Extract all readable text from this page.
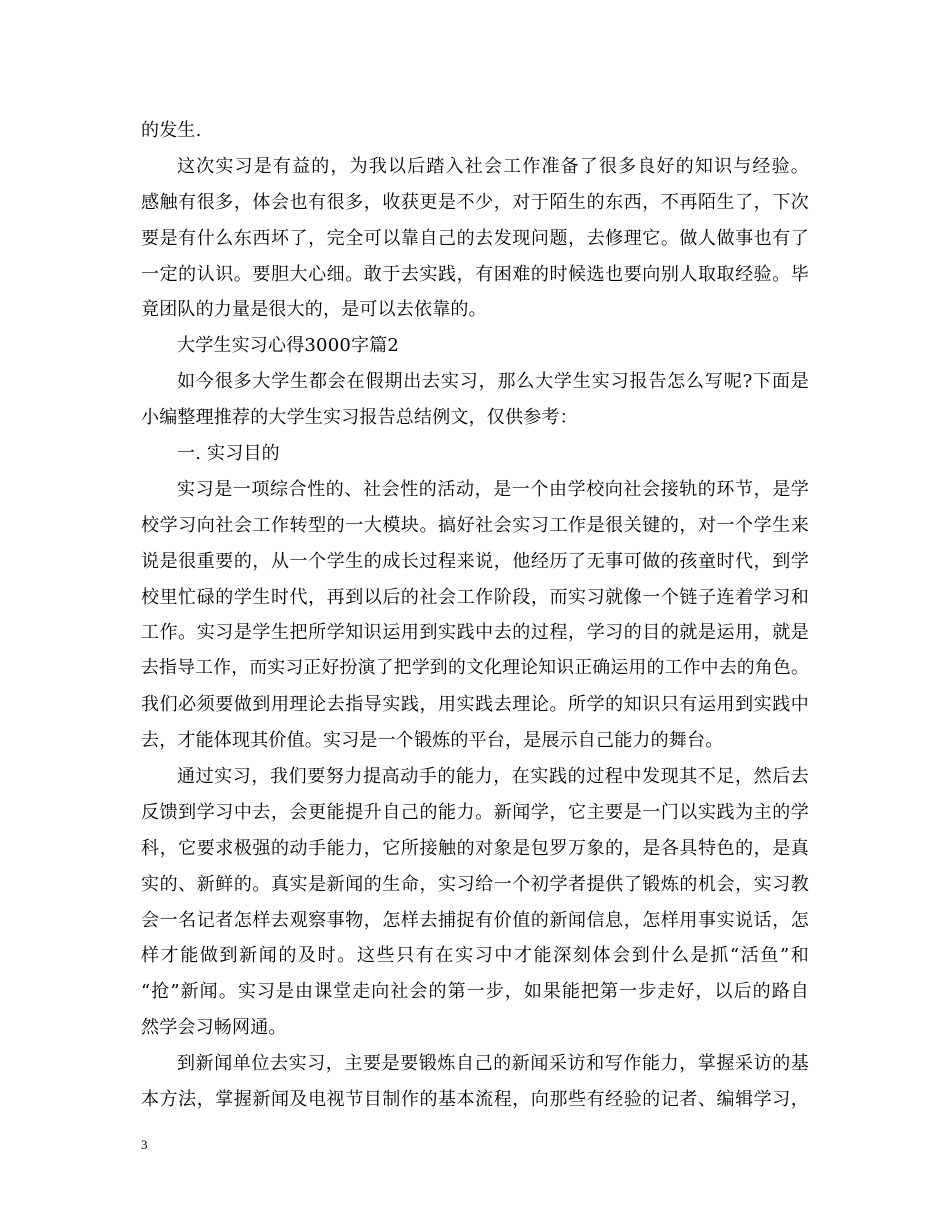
的发生.
这次实习是有益的，为我以后踏入社会工作准备了很多良好的知识与经验。
感触有很多，体会也有很多，收获更是不少，对于陌生的东西，不再陌生了，下次
要是有什么东西坏了，完全可以靠自己的去发现问题，去修理它。做人做事也有了
一定的认识。要胆大心细。敢于去实践，有困难的时候选也要向别人取取经验。毕
竟团队的力量是很大的，是可以去依靠的。
大学生实习心得3000字篇2
如今很多大学生都会在假期出去实习，那么大学生实习报告怎么写呢?下面是
小编整理推荐的大学生实习报告总结例文，仅供参考：
一. 实习目的
实习是一项综合性的、社会性的活动，是一个由学校向社会接轨的环节，是学
校学习向社会工作转型的一大模块。搞好社会实习工作是很关键的，对一个学生来
说是很重要的，从一个学生的成长过程来说，他经历了无事可做的孩童时代，到学
校里忙碌的学生时代，再到以后的社会工作阶段，而实习就像一个链子连着学习和
工作。实习是学生把所学知识运用到实践中去的过程，学习的目的就是运用，就是
去指导工作，而实习正好扮演了把学到的文化理论知识正确运用的工作中去的角色。
我们必须要做到用理论去指导实践，用实践去理论。所学的知识只有运用到实践中
去，才能体现其价值。实习是一个锻炼的平台，是展示自己能力的舞台。
通过实习，我们要努力提高动手的能力，在实践的过程中发现其不足，然后去
反馈到学习中去，会更能提升自己的能力。新闻学，它主要是一门以实践为主的学
科，它要求极强的动手能力，它所接触的对象是包罗万象的，是各具特色的，是真
实的、新鲜的。真实是新闻的生命，实习给一个初学者提供了锻炼的机会，实习教
会一名记者怎样去观察事物，怎样去捕捉有价值的新闻信息，怎样用事实说话，怎
样才能做到新闻的及时。这些只有在实习中才能深刻体会到什么是抓“活鱼”和
“抢”新闻。实习是由课堂走向社会的第一步，如果能把第一步走好，以后的路自
然学会习畅网通。
到新闻单位去实习，主要是要锻炼自己的新闻采访和写作能力，掌握采访的基
本方法，掌握新闻及电视节目制作的基本流程，向那些有经验的记者、编辑学习，
3
